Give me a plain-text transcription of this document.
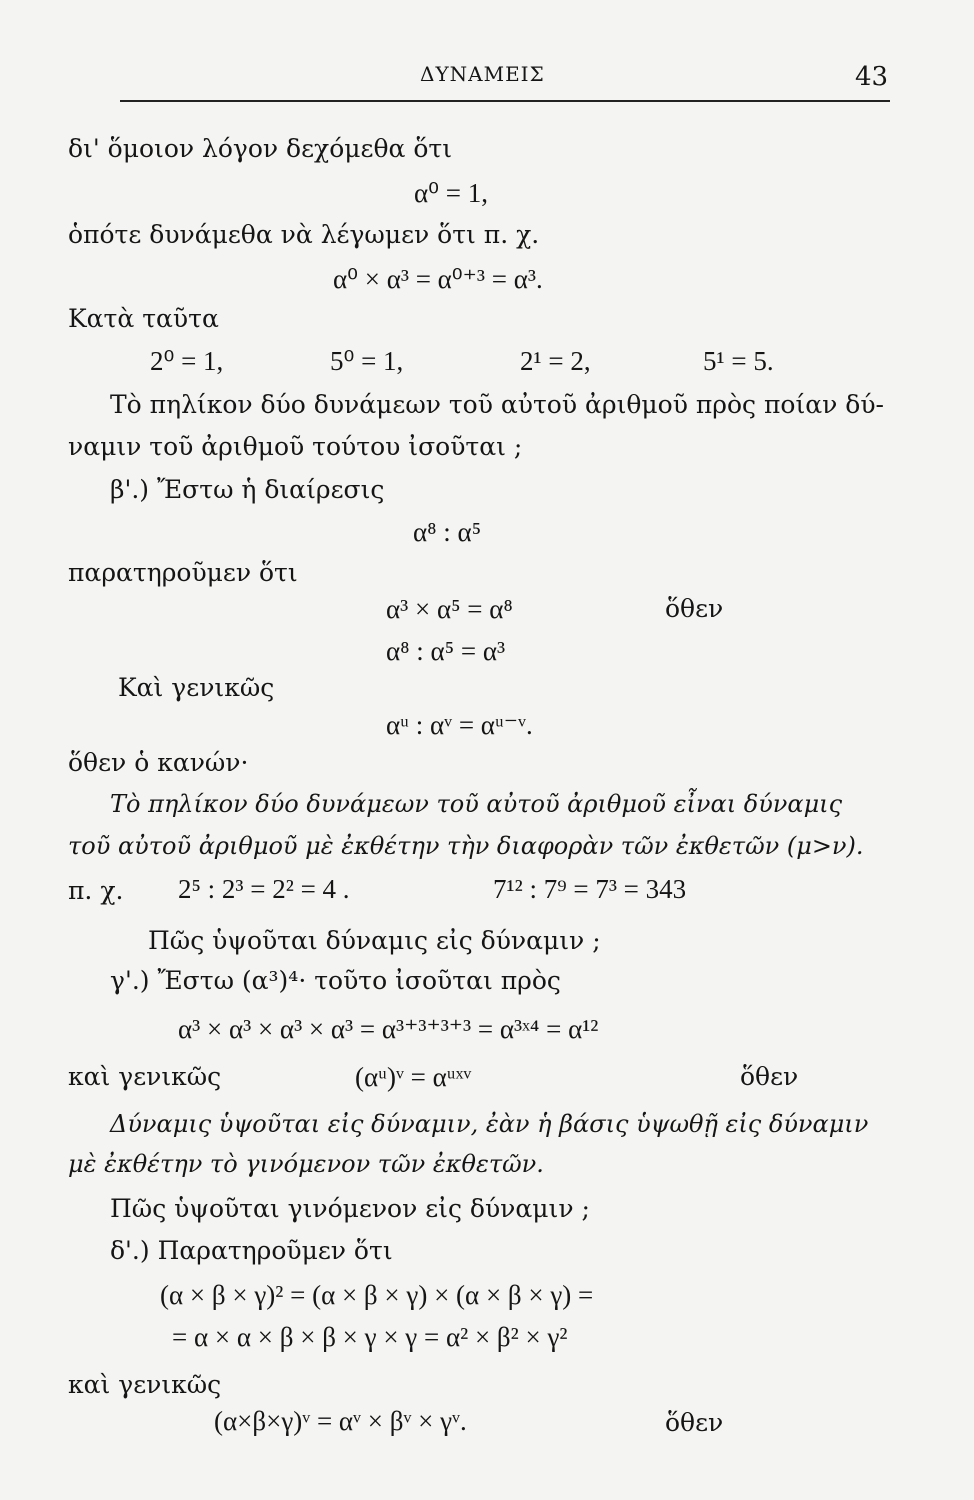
ΔΥΝΑΜΕΙΣ	43
δι' ὅμοιον λόγον δεχόμεθα ὅτι
α⁰ = 1,
ὁπότε δυνάμεθα νὰ λέγωμεν ὅτι π. χ.
α⁰ × α³ = α⁰⁺³ = α³.
Κατὰ ταῦτα
2⁰ = 1,	5⁰ = 1,	2¹ = 2,	5¹ = 5.
Τὸ πηλίκον δύο δυνάμεων τοῦ αὐτοῦ ἀριθμοῦ πρὸς ποίαν δύ-
ναμιν τοῦ ἀριθμοῦ τούτου ἰσοῦται ;
β'.) Ἔστω ἡ διαίρεσις
α⁸ : α⁵
παρατηροῦμεν ὅτι
α³ × α⁵ = α⁸	ὅθεν
α⁸ : α⁵ = α³
Καὶ γενικῶς
αᵘ : αᵛ = αᵘ⁻ᵛ.
ὅθεν ὁ κανών·
Τὸ πηλίκον δύο δυνάμεων τοῦ αὐτοῦ ἀριθμοῦ εἶναι δύναμις
τοῦ αὐτοῦ ἀριθμοῦ μὲ ἐκθέτην τὴν διαφορὰν τῶν ἐκθετῶν (μ>ν).
π. χ. 2⁵ : 2³ = 2² = 4 .	7¹² : 7⁹ = 7³ = 343
Πῶς ὑψοῦται δύναμις εἰς δύναμιν ;
γ'.) Ἔστω (α³)⁴· τοῦτο ἰσοῦται πρὸς
α³ × α³ × α³ × α³ = α³⁺³⁺³⁺³ = α³ˣ⁴ = α¹²
καὶ γενικῶς	(αᵘ)ᵛ = αᵘˣᵛ	ὅθεν
Δύναμις ὑψοῦται εἰς δύναμιν, ἐὰν ἡ βάσις ὑψωθῇ εἰς δύναμιν
μὲ ἐκθέτην τὸ γινόμενον τῶν ἐκθετῶν.
Πῶς ὑψοῦται γινόμενον εἰς δύναμιν ;
δ'.) Παρατηροῦμεν ὅτι
(α × β × γ)² = (α × β × γ) × (α × β × γ) =
= α × α × β × β × γ × γ = α² × β² × γ²
καὶ γενικῶς
(α×β×γ)ᵛ = αᵛ × βᵛ × γᵛ.	ὅθεν
